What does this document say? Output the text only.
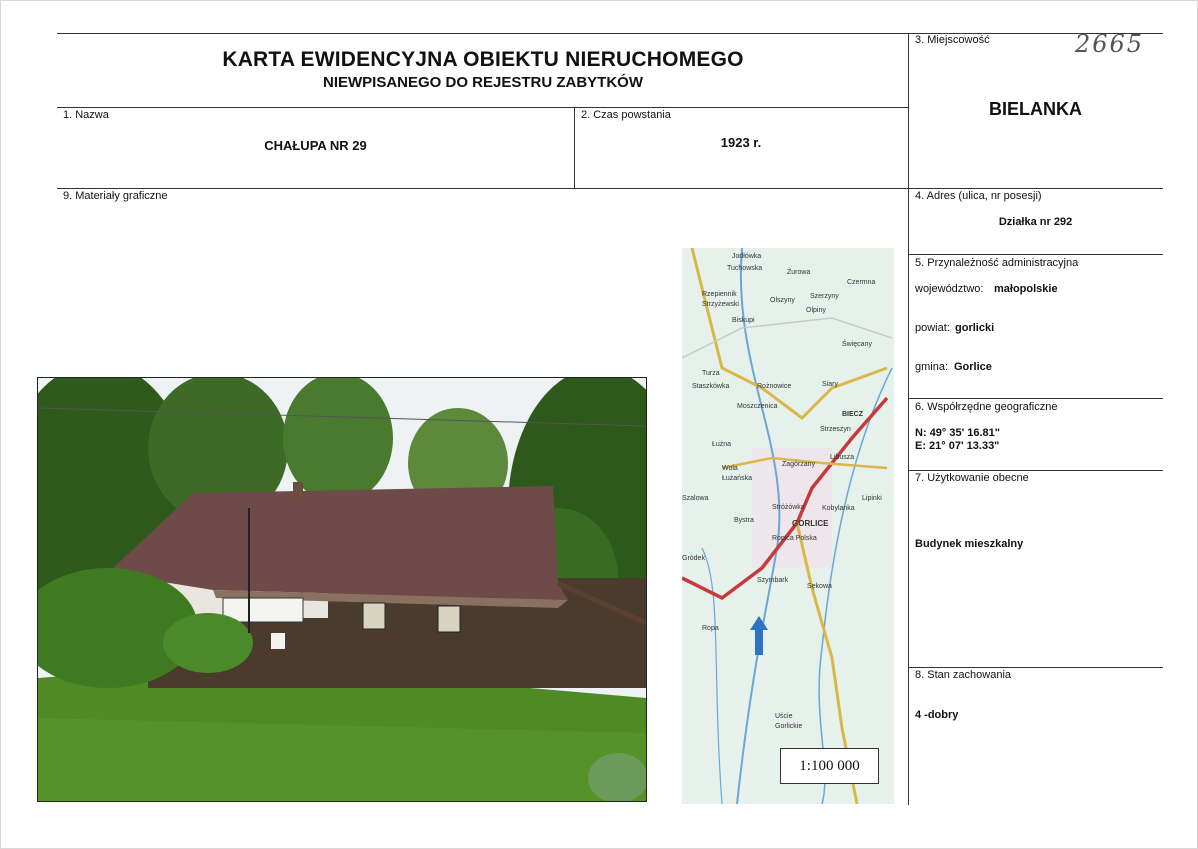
KARTA EWIDENCYJNA OBIEKTU NIERUCHOMEGO
NIEWPISANEGO DO REJESTRU ZABYTKÓW
2665
3. Miejscowość
BIELANKA
1. Nazwa
CHAŁUPA NR 29
2. Czas powstania
1923 r.
9. Materiały graficzne	4. Adres (ulica, nr posesji)
Działka nr 292
5. Przynależność administracyjna
województwo: małopolskie
powiat: gorlicki
gmina: Gorlice
6. Współrzędne geograficzne
N: 49° 35' 16.81"
E: 21° 07' 13.33"
7. Użytkowanie obecne
Budynek mieszkalny
8. Stan zachowania
4 -dobry
Jodłówka
Tuchowska
Żurowa
Rzepiennik
Strzyżewski
Olszyny
Szerzyny
Olpiny
Czermna
Biskupi
Turza
Staszkówka	Rożnowice	Siary
Święcany
Moszczenica
BIECZ
Strzeszyn
Łużna
Zagórzany
Libusza
Wola
Łużańska
Szalowa
Stróżówka Kobylanka
Lipinki
Bystra	GORLICE
Ropica Polska
Gródek
Szymbark
Sękowa
Ropa
Uście
Gorlickie
1:100 000
